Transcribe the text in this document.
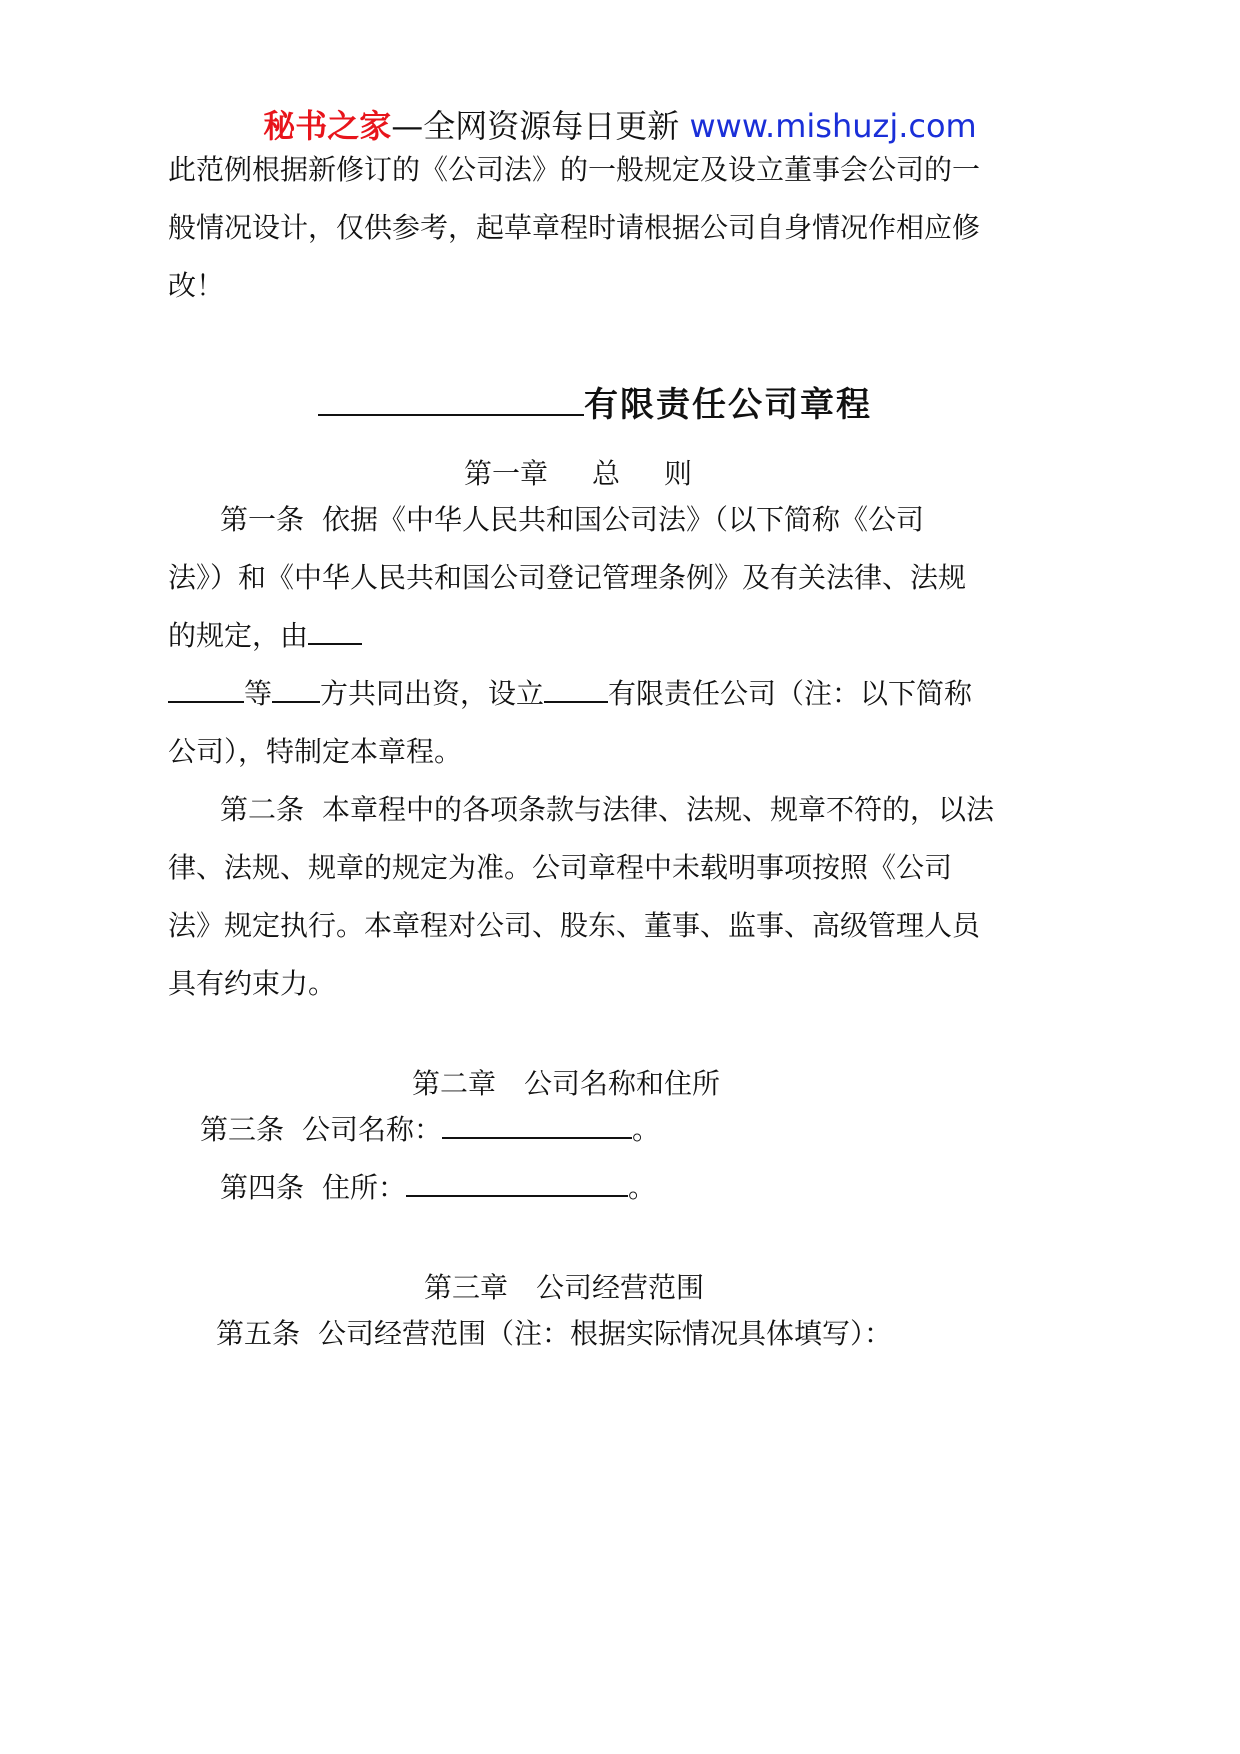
秘书之家—全网资源每日更新 www.mishuzj.com
此范例根据新修订的《公司法》的一般规定及设立董事会公司的一
般情况设计，仅供参考，起草章程时请根据公司自身情况作相应修
改！
有限责任公司章程
第一章 总 则
第一条 依据《中华人民共和国公司法》（以下简称《公司
法》）和《中华人民共和国公司登记管理条例》及有关法律、法规
的规定，由
等 方共同出资，设立 有限责任公司（注：以下简称
公司），特制定本章程。
第二条 本章程中的各项条款与法律、法规、规章不符的，以法
律、法规、规章的规定为准。公司章程中未载明事项按照《公司
法》规定执行。本章程对公司、股东、董事、监事、高级管理人员
具有约束力。
第二章 公司名称和住所
第三条 公司名称：	。
第四条 住所：	。
第三章 公司经营范围
第五条 公司经营范围（注：根据实际情况具体填写）：
